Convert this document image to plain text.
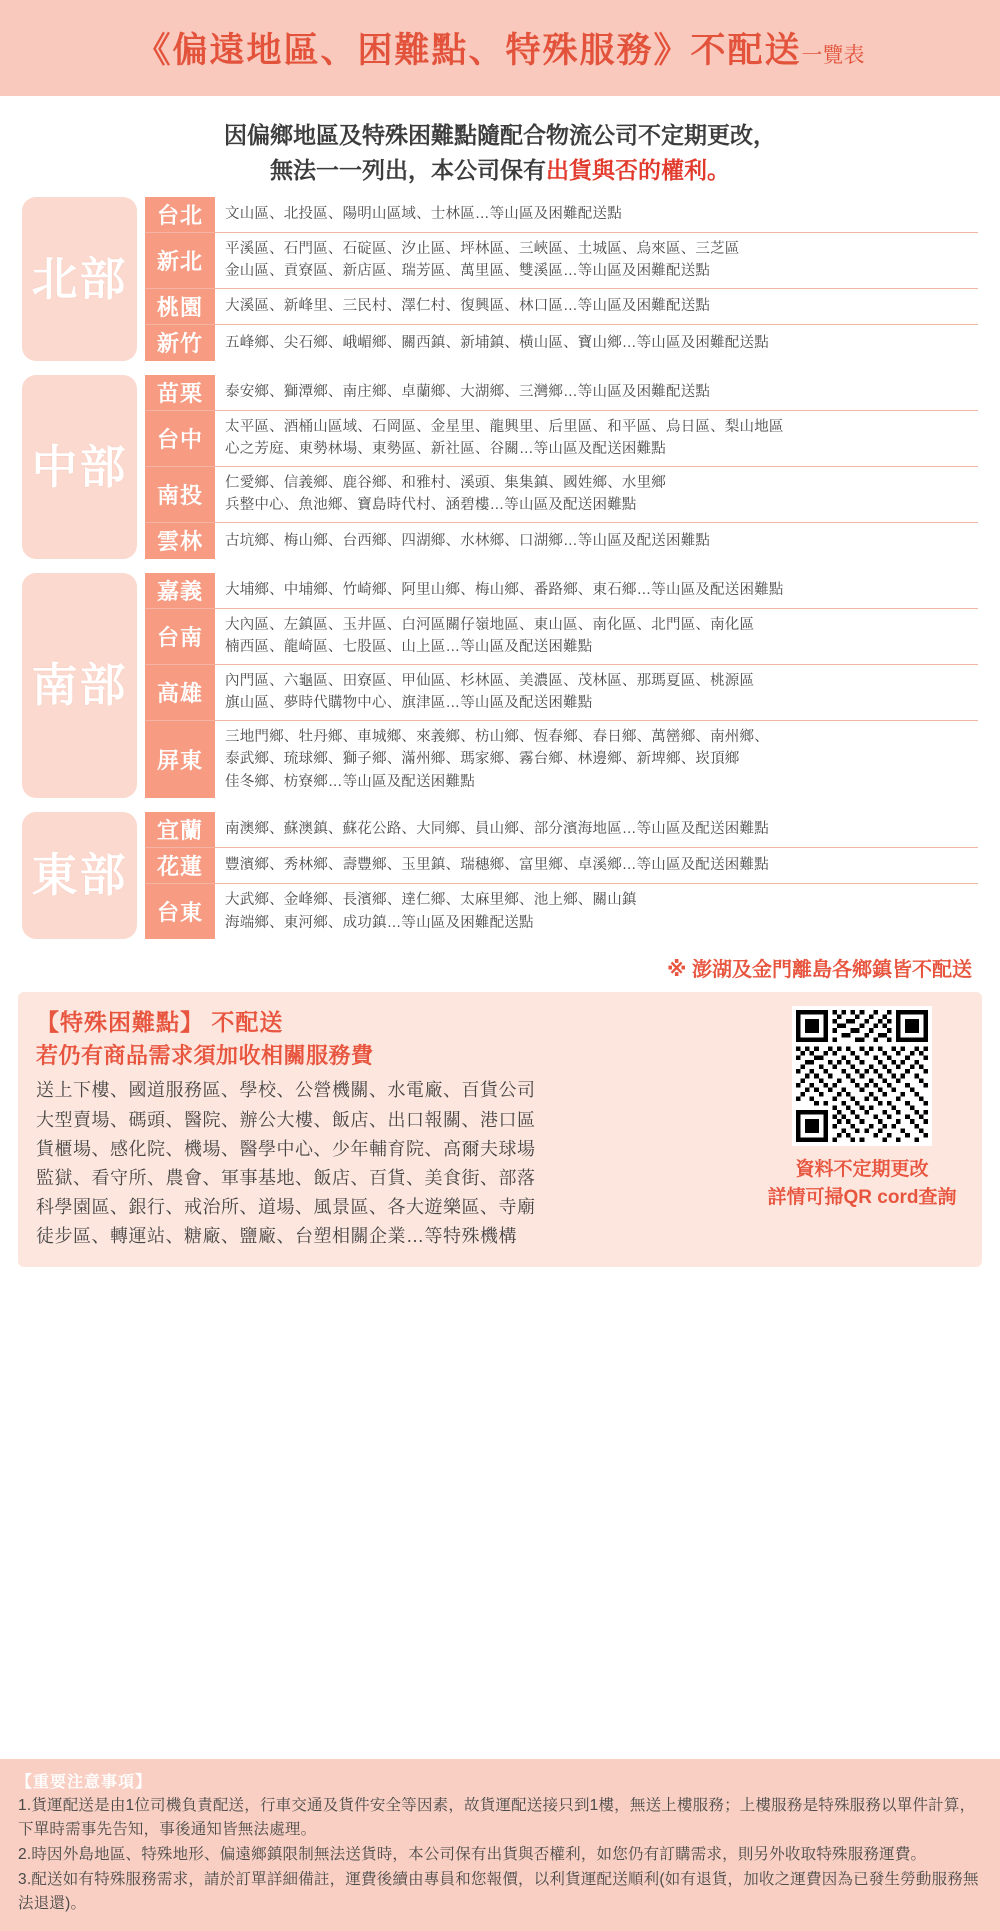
《偏遠地區、困難點、特殊服務》不配送一覽表
因偏鄉地區及特殊困難點隨配合物流公司不定期更改，
無法一一列出，本公司保有出貨與否的權利。
北部
台北	文山區、北投區、陽明山區域、士林區…等山區及困難配送點
新北	平溪區、石門區、石碇區、汐止區、坪林區、三峽區、土城區、烏來區、三芝區
金山區、貢寮區、新店區、瑞芳區、萬里區、雙溪區…等山區及困難配送點
桃園	大溪區、新峰里、三民村、澤仁村、復興區、林口區…等山區及困難配送點
新竹	五峰鄉、尖石鄉、峨嵋鄉、關西鎮、新埔鎮、橫山區、寶山鄉…等山區及困難配送點
中部
苗栗	泰安鄉、獅潭鄉、南庄鄉、卓蘭鄉、大湖鄉、三灣鄉…等山區及困難配送點
台中	太平區、酒桶山區域、石岡區、金星里、龍興里、后里區、和平區、烏日區、梨山地區
心之芳庭、東勢林場、東勢區、新社區、谷關…等山區及配送困難點
南投	仁愛鄉、信義鄉、鹿谷鄉、和雅村、溪頭、集集鎮、國姓鄉、水里鄉
兵整中心、魚池鄉、寶島時代村、涵碧樓…等山區及配送困難點
雲林	古坑鄉、梅山鄉、台西鄉、四湖鄉、水林鄉、口湖鄉…等山區及配送困難點
南部
嘉義	大埔鄉、中埔鄉、竹崎鄉、阿里山鄉、梅山鄉、番路鄉、東石鄉…等山區及配送困難點
台南	大內區、左鎮區、玉井區、白河區關仔嶺地區、東山區、南化區、北門區、南化區
楠西區、龍崎區、七股區、山上區…等山區及配送困難點
高雄	內門區、六龜區、田寮區、甲仙區、杉林區、美濃區、茂林區、那瑪夏區、桃源區
旗山區、夢時代購物中心、旗津區…等山區及配送困難點
屏東
三地門鄉、牡丹鄉、車城鄉、來義鄉、枋山鄉、恆春鄉、春日鄉、萬巒鄉、南州鄉、
泰武鄉、琉球鄉、獅子鄉、滿州鄉、瑪家鄉、霧台鄉、林邊鄉、新埤鄉、崁頂鄉
佳冬鄉、枋寮鄉…等山區及配送困難點
東部
宜蘭	南澳鄉、蘇澳鎮、蘇花公路、大同鄉、員山鄉、部分濱海地區…等山區及配送困難點
花蓮	豐濱鄉、秀林鄉、壽豐鄉、玉里鎮、瑞穗鄉、富里鄉、卓溪鄉…等山區及配送困難點
台東	大武鄉、金峰鄉、長濱鄉、達仁鄉、太麻里鄉、池上鄉、關山鎮
海端鄉、東河鄉、成功鎮…等山區及困難配送點
※ 澎湖及金門離島各鄉鎮皆不配送
【特殊困難點】 不配送
若仍有商品需求須加收相關服務費
送上下樓、國道服務區、學校、公營機關、水電廠、百貨公司
大型賣場、碼頭、醫院、辦公大樓、飯店、出口報關、港口區
貨櫃場、感化院、機場、醫學中心、少年輔育院、高爾夫球場
監獄、看守所、農會、軍事基地、飯店、百貨、美食街、部落
科學園區、銀行、戒治所、道場、風景區、各大遊樂區、寺廟
徒步區、轉運站、糖廠、鹽廠、台塑相關企業…等特殊機構
資料不定期更改
詳情可掃QR cord查詢
【重要注意事項】
1.貨運配送是由1位司機負責配送，行車交通及貨件安全等因素，故貨運配送接只到1樓，無送上樓服務；上樓服務是特殊服務以單件計算，下單時需事先告知，事後通知皆無法處理。
2.時因外島地區、特殊地形、偏遠鄉鎮限制無法送貨時，本公司保有出貨與否權利，如您仍有訂購需求，則另外收取特殊服務運費。
3.配送如有特殊服務需求，請於訂單詳細備註，運費後續由專員和您報價，以利貨運配送順利(如有退貨，加收之運費因為已發生勞動服務無法退還)。
